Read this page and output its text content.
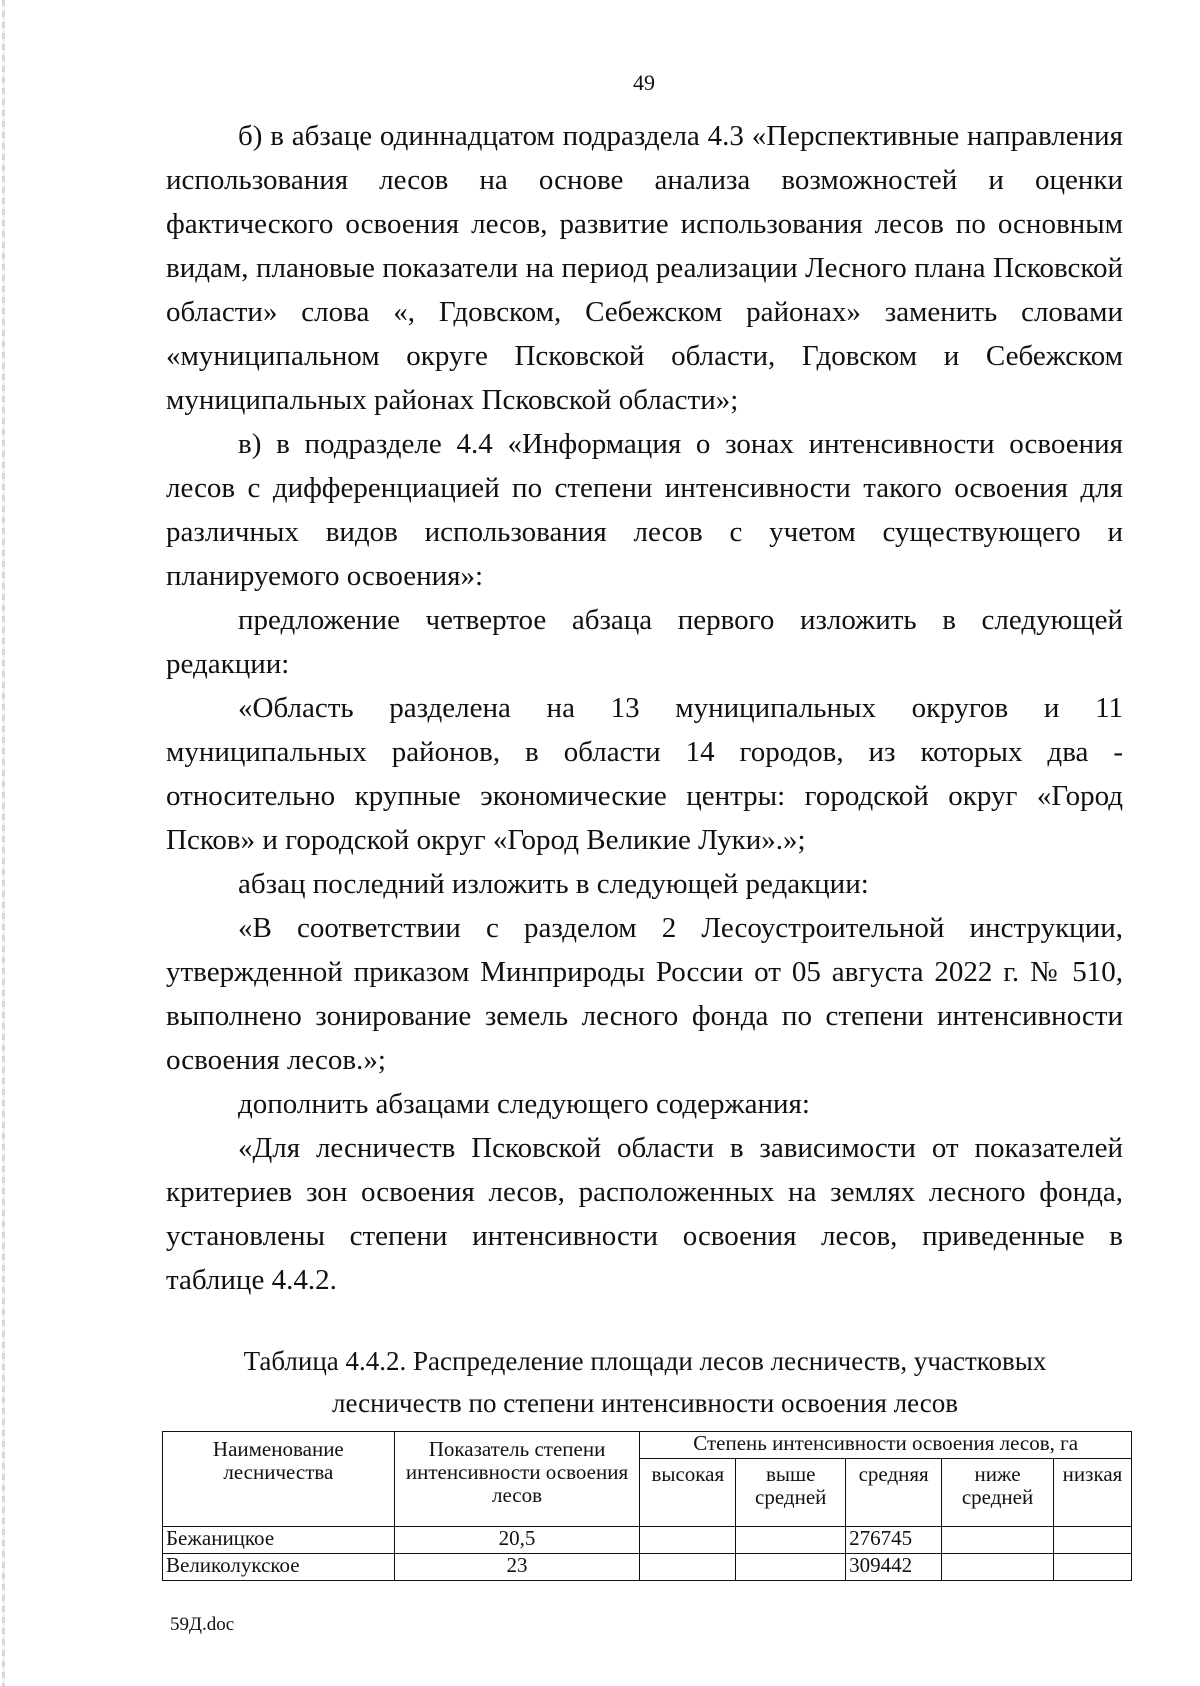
49

б) в абзаце одиннадцатом подраздела 4.3 «Перспективные направления использования лесов на основе анализа возможностей и оценки фактического освоения лесов, развитие использования лесов по основным видам, плановые показатели на период реализации Лесного плана Псковской области» слова «, Гдовском, Себежском районах» заменить словами «муниципальном округе Псковской области, Гдовском и Себежском муниципальных районах Псковской области»;

в) в подразделе 4.4 «Информация о зонах интенсивности освоения лесов с дифференциацией по степени интенсивности такого освоения для различных видов использования лесов с учетом существующего и планируемого освоения»:

предложение четвертое абзаца первого изложить в следующей редакции:

«Область разделена на 13 муниципальных округов и 11 муниципальных районов, в области 14 городов, из которых два - относительно крупные экономические центры: городской округ «Город Псков» и городской округ «Город Великие Луки».»;

абзац последний изложить в следующей редакции:

«В соответствии с разделом 2 Лесоустроительной инструкции, утвержденной приказом Минприроды России от 05 августа 2022 г. № 510, выполнено зонирование земель лесного фонда по степени интенсивности освоения лесов.»;

дополнить абзацами следующего содержания:

«Для лесничеств Псковской области в зависимости от показателей критериев зон освоения лесов, расположенных на землях лесного фонда, установлены степени интенсивности освоения лесов, приведенные в таблице 4.4.2.

Таблица 4.4.2. Распределение площади лесов лесничеств, участковых
лесничеств по степени интенсивности освоения лесов
Наименование лесничества	Показатель степени интенсивности освоения лесов	Степень интенсивности освоения лесов, га				
		высокая	выше средней	средняя	ниже средней	низкая
Бежаницкое	20,5			276745		
Великолукское	23			309442		
59Д.doc
